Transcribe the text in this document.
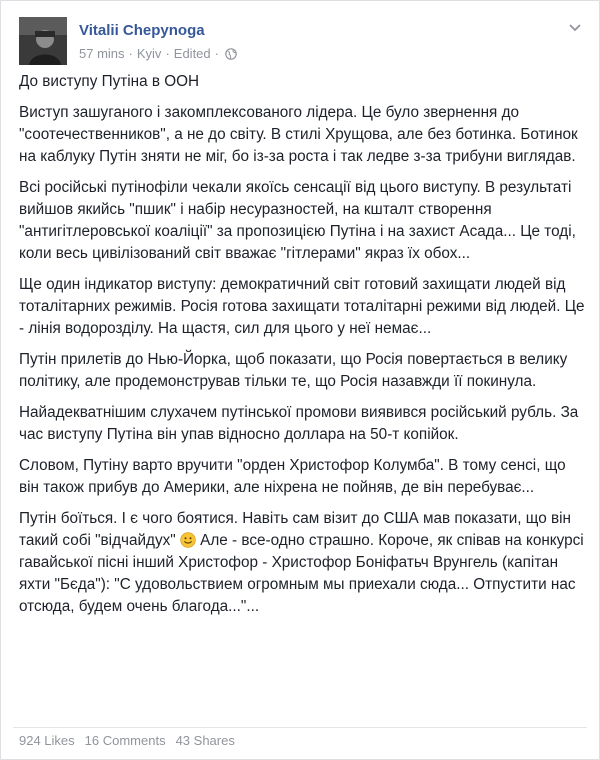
Vitalii Chepynoga
57 mins · Kyiv · Edited ·

До виступу Путіна в ООН

Виступ зашуганого і закомплексованого лідера. Це було звернення до "соотечественников", а не до світу. В стилі Хрущова, але без ботинка. Ботинок на каблуку Путін зняти не міг, бо із-за роста і так ледве з-за трибуни виглядав.

Всі російські путінофіли чекали якоїсь сенсації від цього виступу. В результаті вийшов якийсь "пшик" і набір несуразностей, на кшталт створення "антигітлеровської коаліції" за пропозицією Путіна і на захист Асада... Це тоді, коли весь цивілізований світ вважає "гітлерами" якраз їх обох...

Ще один індикатор виступу: демократичний світ готовий захищати людей від тоталітарних режимів. Росія готова захищати тоталітарні режими від людей. Це - лінія водорозділу. На щастя, сил для цього у неї немає...

Путін прилетів до Нью-Йорка, щоб показати, що Росія повертається в велику політику, але продемонстрував тільки те, що Росія назавжди її покинула.

Найадекватнішим слухачем путінської промови виявився російський рубль. За час виступу Путіна він упав відносно доллара на 50-т копійок.

Словом, Путіну варто вручити "орден Христофор Колумба". В тому сенсі, що він також прибув до Америки, але ніхрена не пойняв, де він перебуває...

Путін боїться. І є чого боятися. Навіть сам візит до США мав показати, що він такий собі "відчайдух"  Але - все-одно страшно. Короче, як співав на конкурсі гавайської пісні інший Христофор - Христофор Боніфатьч Врунгель (капітан яхти "Бєда"): "С удовольствием огромным мы приехали сюда... Отпустити нас отсюда, будем очень благода..."...

924 Likes 16 Comments 43 Shares
